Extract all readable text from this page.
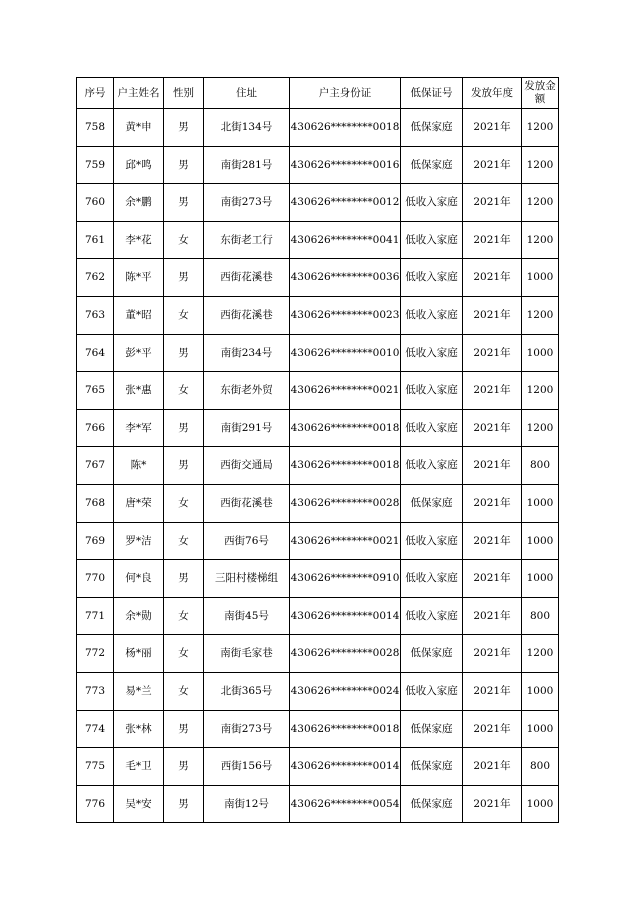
序号	户主姓名	性别	住址	户主身份证	低保证号	发放年度	发放金额
758	黄*申	男	北街134号	430626********0018	低保家庭	2021年	1200
759	邱*鸣	男	南街281号	430626********0016	低保家庭	2021年	1200
760	余*鹏	男	南街273号	430626********0012	低收入家庭	2021年	1200
761	李*花	女	东街老工行	430626********0041	低收入家庭	2021年	1200
762	陈*平	男	西街花溪巷	430626********0036	低收入家庭	2021年	1000
763	董*昭	女	西街花溪巷	430626********0023	低收入家庭	2021年	1200
764	彭*平	男	南街234号	430626********0010	低收入家庭	2021年	1000
765	张*惠	女	东街老外贸	430626********0021	低收入家庭	2021年	1200
766	李*军	男	南街291号	430626********0018	低收入家庭	2021年	1200
767	陈*	男	西街交通局	430626********0018	低收入家庭	2021年	800
768	唐*荣	女	西街花溪巷	430626********0028	低保家庭	2021年	1000
769	罗*洁	女	西街76号	430626********0021	低收入家庭	2021年	1000
770	何*良	男	三阳村楼梯组	430626********0910	低收入家庭	2021年	1000
771	余*勋	女	南街45号	430626********0014	低收入家庭	2021年	800
772	杨*丽	女	南街毛家巷	430626********0028	低保家庭	2021年	1200
773	易*兰	女	北街365号	430626********0024	低收入家庭	2021年	1000
774	张*林	男	南街273号	430626********0018	低保家庭	2021年	1000
775	毛*卫	男	西街156号	430626********0014	低保家庭	2021年	800
776	吴*安	男	南街12号	430626********0054	低保家庭	2021年	1000
